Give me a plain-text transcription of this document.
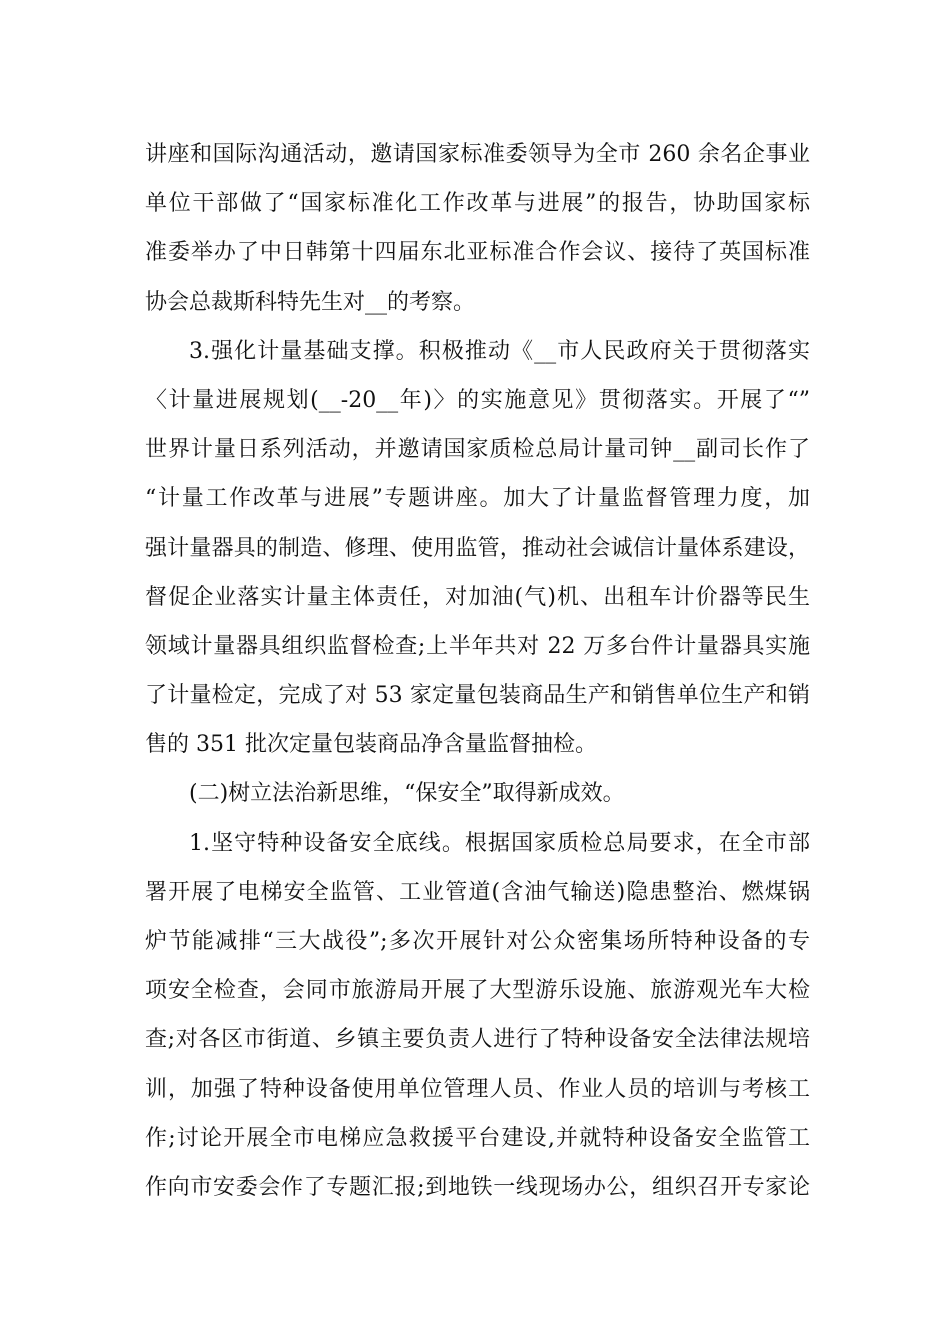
讲座和国际沟通活动，邀请国家标准委领导为全市 260 余名企事业
单位干部做了“国家标准化工作改革与进展”的报告，协助国家标
准委举办了中日韩第十四届东北亚标准合作会议、接待了英国标准
协会总裁斯科特先生对__的考察。
3.强化计量基础支撑。积极推动《__市人民政府关于贯彻落实
〈计量进展规划(__-20__年)〉的实施意见》贯彻落实。开展了“”
世界计量日系列活动，并邀请国家质检总局计量司钟__副司长作了
“计量工作改革与进展”专题讲座。加大了计量监督管理力度，加
强计量器具的制造、修理、使用监管，推动社会诚信计量体系建设，
督促企业落实计量主体责任，对加油(气)机、出租车计价器等民生
领域计量器具组织监督检查;上半年共对 22 万多台件计量器具实施
了计量检定，完成了对 53 家定量包装商品生产和销售单位生产和销
售的 351 批次定量包装商品净含量监督抽检。
(二)树立法治新思维，“保安全”取得新成效。
1.坚守特种设备安全底线。根据国家质检总局要求，在全市部
署开展了电梯安全监管、工业管道(含油气输送)隐患整治、燃煤锅
炉节能减排“三大战役”;多次开展针对公众密集场所特种设备的专
项安全检查，会同市旅游局开展了大型游乐设施、旅游观光车大检
查;对各区市街道、乡镇主要负责人进行了特种设备安全法律法规培
训，加强了特种设备使用单位管理人员、作业人员的培训与考核工
作;讨论开展全市电梯应急救援平台建设,并就特种设备安全监管工
作向市安委会作了专题汇报;到地铁一线现场办公，组织召开专家论
